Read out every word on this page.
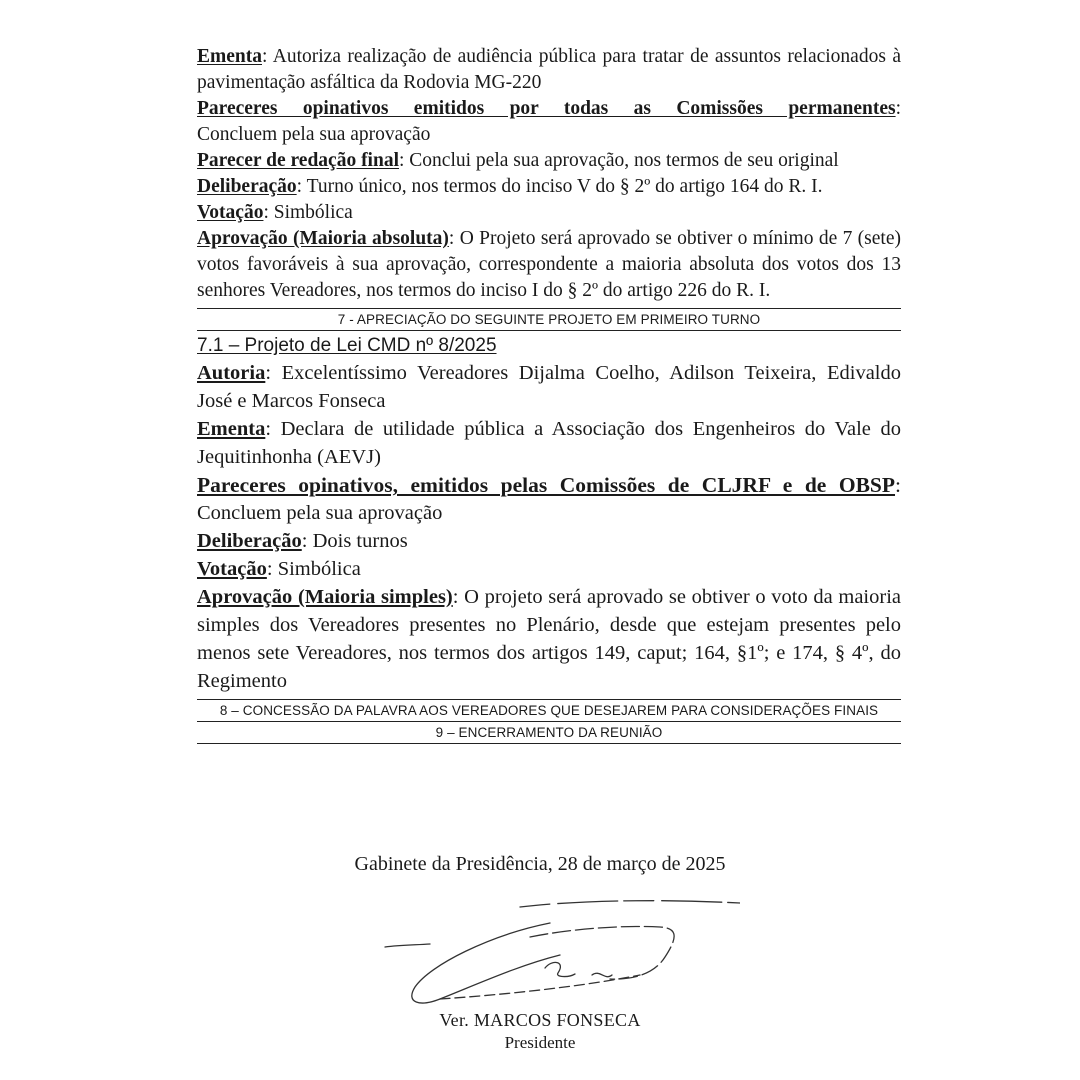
Ementa: Autoriza realização de audiência pública para tratar de assuntos relacionados à pavimentação asfáltica da Rodovia MG-220

Pareceres opinativos emitidos por todas as Comissões permanentes:

Concluem pela sua aprovação

Parecer de redação final: Conclui pela sua aprovação, nos termos de seu original

Deliberação: Turno único, nos termos do inciso V do § 2º do artigo 164 do R. I.

Votação: Simbólica

Aprovação (Maioria absoluta): O Projeto será aprovado se obtiver o mínimo de 7 (sete) votos favoráveis à sua aprovação, correspondente a maioria absoluta dos votos dos 13 senhores Vereadores, nos termos do inciso I do § 2º do artigo 226 do R. I.

7 - APRECIAÇÃO DO SEGUINTE PROJETO EM PRIMEIRO TURNO
7.1 – Projeto de Lei CMD nº 8/2025

Autoria: Excelentíssimo Vereadores Dijalma Coelho, Adilson Teixeira, Edivaldo José e Marcos Fonseca

Ementa: Declara de utilidade pública a Associação dos Engenheiros do Vale do Jequitinhonha (AEVJ)

Pareceres opinativos, emitidos pelas Comissões de CLJRF e de OBSP:

Concluem pela sua aprovação

Deliberação: Dois turnos

Votação: Simbólica

Aprovação (Maioria simples): O projeto será aprovado se obtiver o voto da maioria simples dos Vereadores presentes no Plenário, desde que estejam presentes pelo menos sete Vereadores, nos termos dos artigos 149, caput; 164, §1º; e 174, § 4º, do Regimento

8 – CONCESSÃO DA PALAVRA AOS VEREADORES QUE DESEJAREM PARA CONSIDERAÇÕES FINAIS
9 – ENCERRAMENTO DA REUNIÃO
Gabinete da Presidência, 28 de março de 2025
Ver. MARCOS FONSECA
Presidente
